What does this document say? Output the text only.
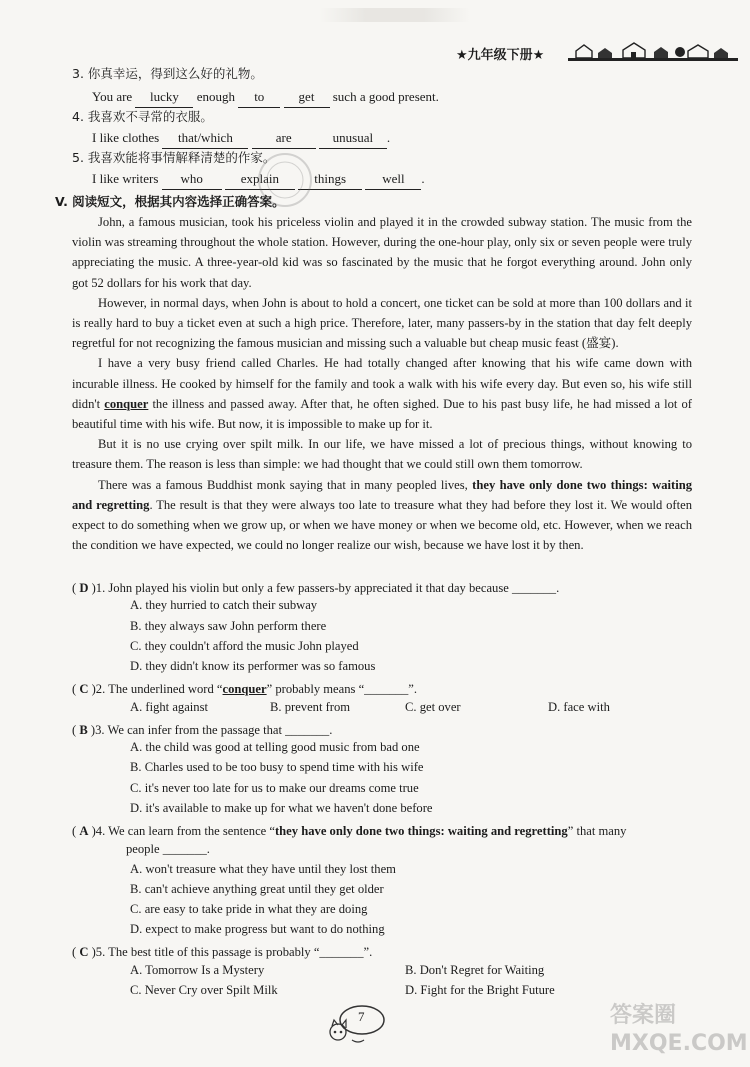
★九年级下册★
3. 你真幸运，得到这么好的礼物。
You are lucky enough to	get such a good present.
4. 我喜欢不寻常的衣服。
I like clothes that/which	are	unusual .
5. 我喜欢能将事情解释清楚的作家。
I like writers who	explain	things	well .
V. 阅读短文，根据其内容选择正确答案。

John, a famous musician, took his priceless violin and played it in the crowded subway station. The music from the violin was streaming throughout the whole station. However, during the one-hour play, only six or seven people were truly appreciating the music. A three-year-old kid was so fascinated by the music that he forgot everything around. John only got 52 dollars for his work that day.

However, in normal days, when John is about to hold a concert, one ticket can be sold at more than 100 dollars and it is really hard to buy a ticket even at such a high price. Therefore, later, many passers-by in the station that day felt deeply regretful for not recognizing the famous musician and missing such a valuable but cheap music feast (盛宴).

I have a very busy friend called Charles. He had totally changed after knowing that his wife came down with incurable illness. He cooked by himself for the family and took a walk with his wife every day. But even so, his wife still didn't conquer the illness and passed away. After that, he often sighed. Due to his past busy life, he had missed a lot of beautiful time with his wife. But now, it is impossible to make up for it.

But it is no use crying over spilt milk. In our life, we have missed a lot of precious things, without knowing to treasure them. The reason is less than simple: we had thought that we could still own them tomorrow.

There was a famous Buddhist monk saying that in many peopled lives, they have only done two things: waiting and regretting. The result is that they were always too late to treasure what they had before they lost it. We would often expect to do something when we grow up, or when we have money or when we become old, etc. However, when we reach the condition we have expected, we could no longer realize our wish, because we have lost it by then.

( D )1. John played his violin but only a few passers-by appreciated it that day because _______.
A. they hurried to catch their subway
B. they always saw John perform there
C. they couldn't afford the music John played
D. they didn't know its performer was so famous
( C )2. The underlined word “conquer” probably means “_______”.
A. fight against	B. prevent from	C. get over	D. face with
( B )3. We can infer from the passage that _______.
A. the child was good at telling good music from bad one
B. Charles used to be too busy to spend time with his wife
C. it's never too late for us to make our dreams come true
D. it's available to make up for what we haven't done before
( A )4. We can learn from the sentence “they have only done two things: waiting and regretting” that many
people _______.
A. won't treasure what they have until they lost them
B. can't achieve anything great until they get older
C. are easy to take pride in what they are doing
D. expect to make progress but want to do nothing
( C )5. The best title of this passage is probably “_______”.
A. Tomorrow Is a Mystery	B. Don't Regret for Waiting
C. Never Cry over Spilt Milk	D. Fight for the Bright Future
7	答案圈 MXQE.COM
